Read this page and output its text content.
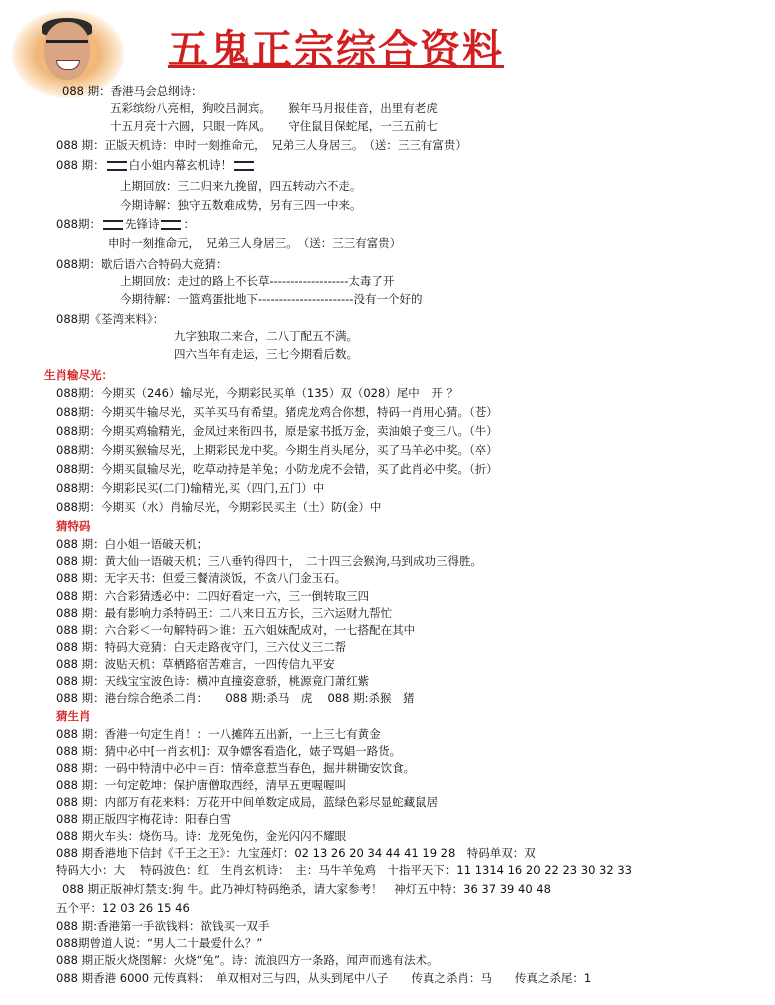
五鬼正宗综合资料
088 期：香港马会总纲诗：
五彩缤纷八亮相，狗咬吕洞宾。　　猴年马月报佳音，出里有老虎
十五月亮十六圆，只眼一阵风。　　守住鼠目保蛇尾，一三五前七
088 期：正版天机诗：申时一刻推命元，　兄弟三人身居三。　（送：三三有富贵）
088 期： 白小姐内幕玄机诗！
上期回放：三二归来九挽留，四五转动六不走。
今期诗解：独守五数难成势，另有三四一中来。
088期： 先锋诗 ：
申时一刻推命元，　兄弟三人身居三。　（送：三三有富贵）
088期：歇后语六合特码大竞猜：
上期回放：走过的路上不长草-------------------太毒了开
今期待解：一篮鸡蛋批地下-----------------------没有一个好的
088期《荃湾来料》：
九字独取二来合，二八丁配五不满。
四六当年有走运，三七今期看后数。
生肖输尽光：
088期：今期买（246）输尽光，今期彩民买单（135）双（028）尾中　开 ？
088期：今期买牛输尽光，买羊买马有希望。猪虎龙鸡合你想，特码一肖用心猜。（苍）
088期：今期买鸡输精光，金凤过来衔四书，原是家书抵万金，卖油娘子变三八。（牛）
088期：今期买猴输尽光，上期彩民龙中奖。今期生肖头尾分，买了马羊必中奖。（卒）
088期：今期买鼠输尽光，吃草动持是羊兔；小防龙虎不会错，买了此肖必中奖。（折）
088期：今期彩民买(二门)输精光,买（四门,五门）中
088期：今期买（水）肖输尽光，今期彩民买主（土）防(金）中
猜特码
088 期：白小姐一语破天机；
088 期：黄大仙一语破天机；三八垂钓得四十，　二十四三会猴洵,马到成功三得胜。
088 期：无字天书：但爱三餐清淡饭，不贪八门金玉石。
088 期：六合彩猜透必中：二四好看定一六，三一倒转取三四
088 期：最有影响力杀特码王：二八来日五方长，三六运财九帮忙
088 期：六合彩＜一句解特码＞谁：五六姐妹配成对，一七搭配在其中
088 期：特码大竞猜：白天走路夜守门，三六仗义三二帮
088 期：波贴天机：草栖路宿苦难言，一四传信九平安
088 期：天线宝宝波色诗：横冲直撞姿意骄，桃源竟门萧红紫
088 期：港台综合绝杀二肖：　　088 期:杀马　虎　 088 期:杀猴　猪
猜生肖
088 期：香港一句定生肖！：一八摊阵五出新，一上三七有黄金
088 期：猜中必中[一肖玄机]：双争嫖客看造化，婊子骂娼一路货。
088 期：一码中特清中必中＝百：情牵意惹当春色，掘井耕锄安饮食。
088 期：一句定乾坤：保护唐僧取西经，清早五更喔喔叫
088 期：内部万有花来料：万花开中间单数定成局，蓝绿色彩尽显蛇藏鼠居
088 期正版四字梅花诗：阳春白雪
088 期火车头：烧伤马。诗：龙死兔伤，金光闪闪不耀眼
088 期香港地下信封《千王之王》：九宝莲灯：02 13 26 20 34 44 41 19 28　特码单双：双
特码大小：大　 特码波色：红　生肖玄机诗：　主：马牛羊兔鸡　十指平天下：11 1314 16 20 22 23 30 32 33
088 期正版神灯禁支:狗 牛。此乃神灯特码绝杀，请大家参考！　神灯五中特：36 37 39 40 48
五个平：12 03 26 15 46
088 期:香港第一手欲钱料：欲钱买一双手
088期曾道人说：“男人二十最爱什么？”
088 期正版火烧图解：火烧“兔”。诗：流浪四方一条路，闻声而逃有法术。
088 期香港 6000 元传真料：　单双相对三与四，从头到尾中八子　　传真之杀肖：马　　传真之杀尾：1
